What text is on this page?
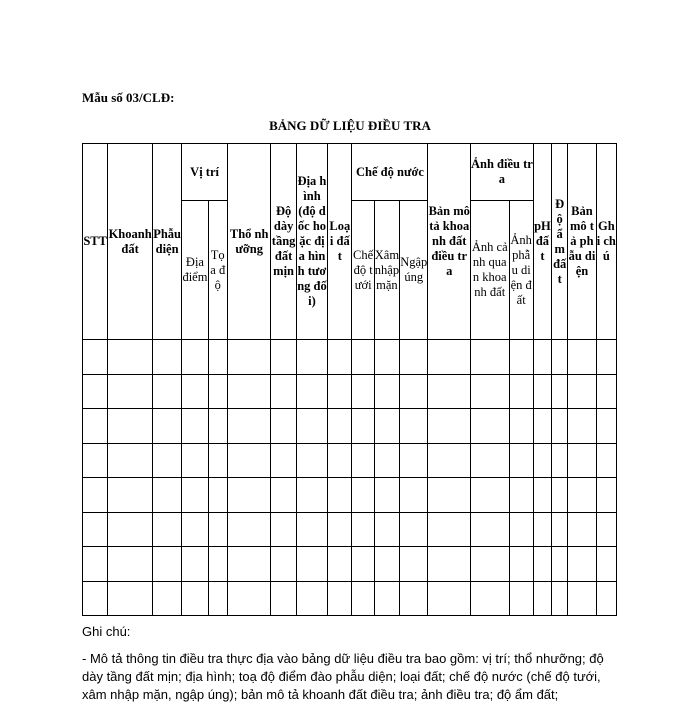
Mẫu số 03/CLĐ:
BẢNG DỮ LIỆU ĐIỀU TRA
STT	Khoanh đất	Phẫu diện	Vị trí		Thổ nhưỡng	Độ dày tầng đất mịn	Địa hình (độ dốc hoặc địa hình tương đối)	Loại đất	Chế độ nước			Bản mô tả khoanh đất điều tra	Ảnh điều tra		pH đất	Độ ẩm đất	Bản mô tả phẫu diện	Ghi chú
			Địa điểm	Tọa độ					Chế độ tưới	Xâm nhập mặn	Ngập úng		Ảnh cảnh quan khoanh đất	Ảnh phẫu diện đất				

Ghi chú:
- Mô tả thông tin điều tra thực địa vào bảng dữ liệu điều tra bao gồm: vị trí; thổ nhưỡng; độ dày tầng đất mịn; địa hình; toạ độ điểm đào phẫu diện; loại đất; chế độ nước (chế độ tưới, xâm nhập mặn, ngập úng); bản mô tả khoanh đất điều tra; ảnh điều tra; độ ẩm đất;
